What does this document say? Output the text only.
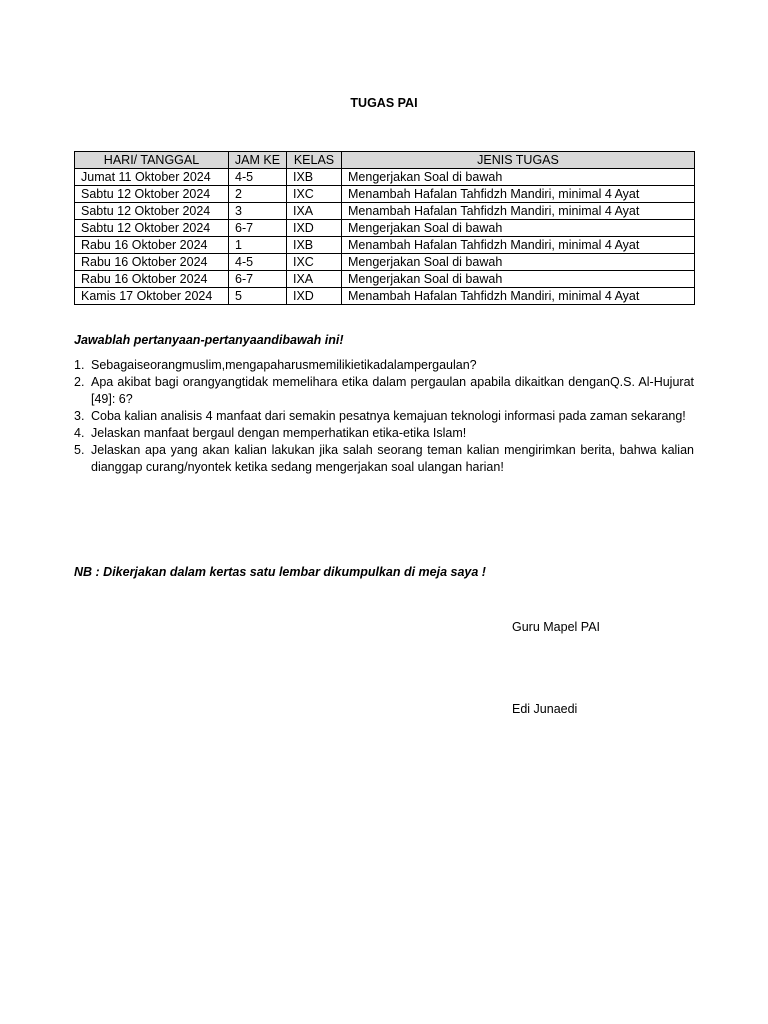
TUGAS PAI
HARI/ TANGGAL	JAM KE	KELAS	JENIS TUGAS
Jumat 11 Oktober 2024	4-5	IXB	Mengerjakan Soal di bawah
Sabtu 12 Oktober 2024	2	IXC	Menambah Hafalan Tahfidzh Mandiri, minimal 4 Ayat
Sabtu 12 Oktober 2024	3	IXA	Menambah Hafalan Tahfidzh Mandiri, minimal 4 Ayat
Sabtu 12 Oktober 2024	6-7	IXD	Mengerjakan Soal di bawah
Rabu 16 Oktober 2024	1	IXB	Menambah Hafalan Tahfidzh Mandiri, minimal 4 Ayat
Rabu 16 Oktober 2024	4-5	IXC	Mengerjakan Soal di bawah
Rabu 16 Oktober 2024	6-7	IXA	Mengerjakan Soal di bawah
Kamis 17 Oktober 2024	5	IXD	Menambah Hafalan Tahfidzh Mandiri, minimal 4 Ayat
Jawablah pertanyaan-pertanyaandibawah ini!
1. Sebagaiseorangmuslim,mengapaharusmemilikietikadalampergaulan?
2. Apa akibat bagi orangyangtidak memelihara etika dalam pergaulan apabila dikaitkan denganQ.S. Al-Hujurat [49]: 6?
3. Coba kalian analisis 4 manfaat dari semakin pesatnya kemajuan teknologi informasi pada zaman sekarang!
4. Jelaskan manfaat bergaul dengan memperhatikan etika-etika Islam!
5. Jelaskan apa yang akan kalian lakukan jika salah seorang teman kalian mengirimkan berita, bahwa kalian dianggap curang/nyontek ketika sedang mengerjakan soal ulangan harian!
NB : Dikerjakan dalam kertas satu lembar dikumpulkan di meja saya !
Guru Mapel PAI
Edi Junaedi
